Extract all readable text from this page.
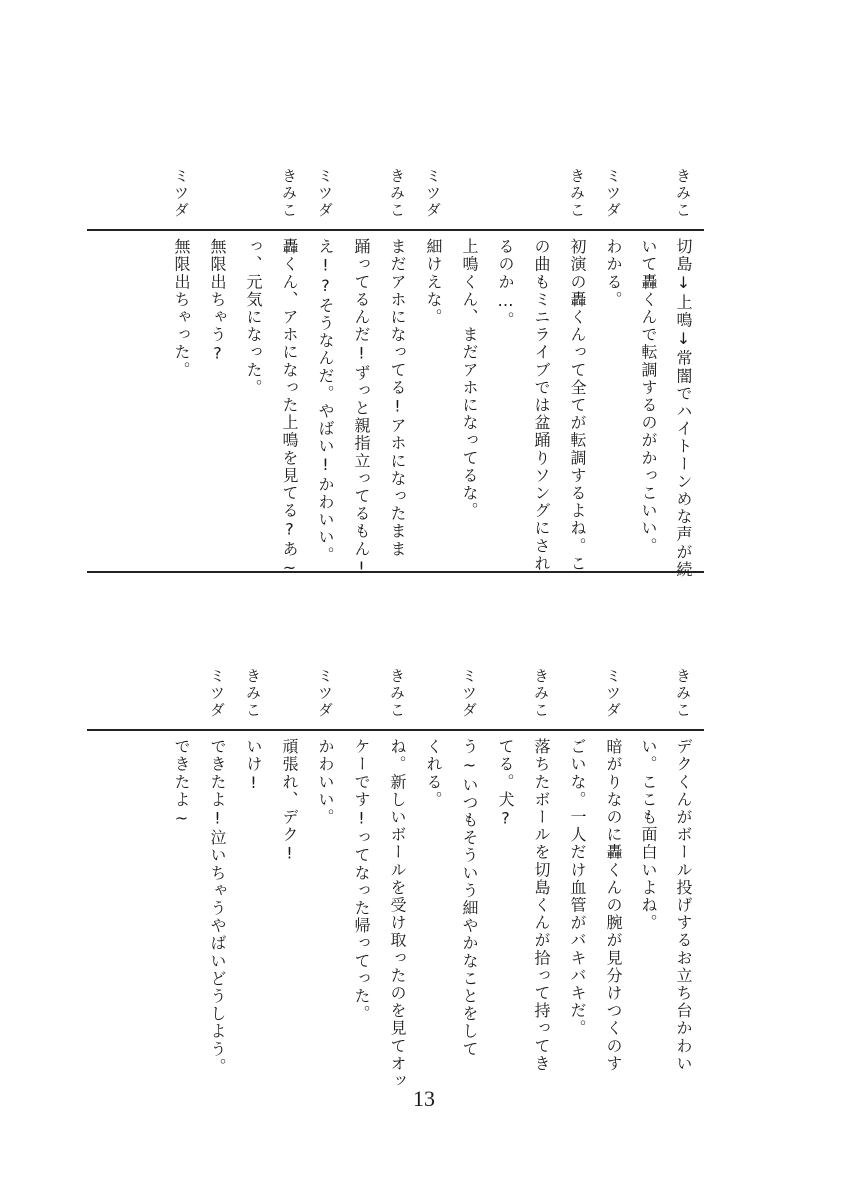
きみこ
切島↓上鳴↓常闇でハイトーンめな声が続
いて轟くんで転調するのがかっこいい。
ミツダ
わかる。
きみこ
初演の轟くんって全てが転調するよね。こ
の曲もミニライブでは盆踊りソングにされ
るのか…。
上鳴くん、まだアホになってるな。
ミツダ
細けえな。
きみこ
まだアホになってる!アホになったまま
踊ってるんだ!ずっと親指立ってるもん!
ミツダ
え!?そうなんだ。やばい!かわいい。
きみこ
轟くん、アホになった上鳴を見てる?あ~
っ、元気になった。
ミツダ
無限出ちゃう?
無限出ちゃった。
きみこ
デクくんがボール投げするお立ち台かわい
い。ここも面白いよね。
ミツダ
暗がりなのに轟くんの腕が見分けつくのす
ごいな。一人だけ血管がバキバキだ。
きみこ
落ちたボールを切島くんが拾って持ってき
てる。犬?
ミツダ
う~いつもそういう細やかなことをして
くれる。
きみこ
ね。新しいボールを受け取ったのを見てオッ
ケーです!ってなった帰ってった。
ミツダ
かわいい。
頑張れ、デク!
きみこ
いけ!
ミツダ
できたよ!泣いちゃうやばいどうしよう。
できたよ~
13
